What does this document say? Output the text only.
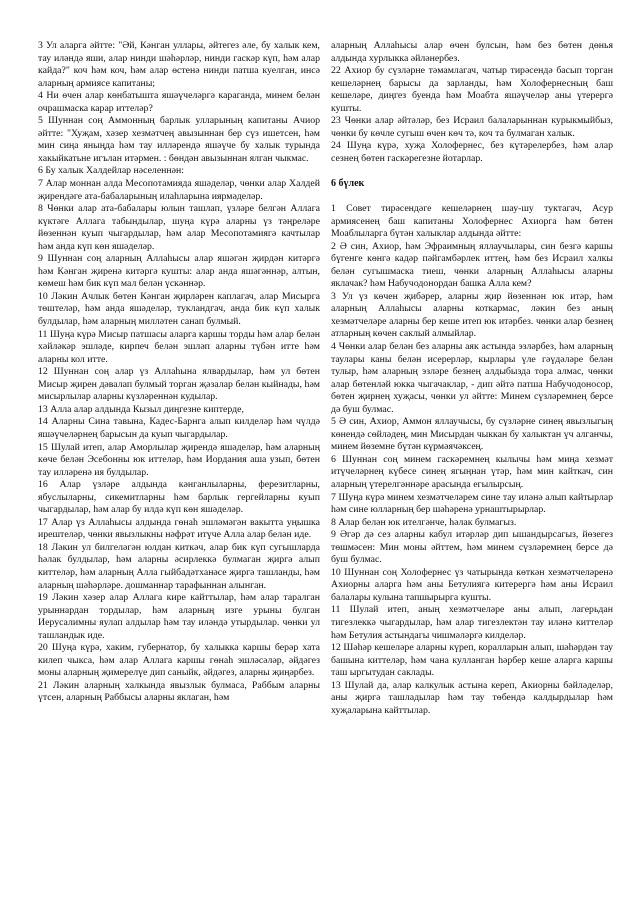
3 Ул аларга әйтте: "Әй, Кәнган уллары, әйтегез әле, бу халык кем, тау иләндә яши, алар нинди шәһәрләр, нинди гаскәр күп, һәм алар кайда?" коч һәм коч, һәм алар өстенә нинди патша куелган, инсә аларның армиясе капитаны;

4 Ни өчен алар көнбатышта яшәүчеләргә карaганда, минем белән очрашмаска карар иттеләр?

5 Шуннан соң Аммонның барлык улларының капитаны Ачиор әйтте: "Хуҗам, хәзер хезмәтчең авызыннан бер сүз ишетсен, һәм мин сиңа яныңда һәм тау илләрендә яшәүче бу халык турында хакыйкатьне игълан итәрмен. : бөндән авызыннан ялган чыкмас.

6 Бу халык Халдейлар нәселеннән:

7 Алар моннан алда Месопотамияда яшәделәр, чөнки алар Халдей җирендәге ата-бабаларының илаһларына иярмәделәр.

8 Чөнки алар ата-бабалары юлын ташлап, үзләре белгән Аллага күктәге Аллага табындылар, шуңа күрә аларны үз тәңреләре йөзеннән куып чыгардылар, һәм алар Месопотамиягә качтылар һәм анда күп көн яшәделәр.

9 Шуннан соң аларның Аллаһысы алар яшәгән җирдән китәргә һәм Кәнган җиренә китәргә кушты: алар анда яшәгәннәр, алтын, көмеш һәм бик күп мал белән үскәннәр.

10 Ләкин Ачлык бөтен Кәнган җирләрен каплагач, алар Мисырга төштеләр, һәм анда яшәделәр, тукландгач, анда бик күп халык булдылар, һәм аларның милләтен санап булмый.

11 Шуңа күрә Мисыр патшасы аларга каршы торды һәм алар белән хәйләкәр эшләде, кирпеч белән эшләп аларны түбән итте һәм аларны кол итте.

12 Шуннан соң алар үз Аллаһына ялвардылар, һәм ул бөтен Мисыр җирен дәвалап булмый торган җәзалар белән кыйнады, һәм мисырлылар аларны күзләреннән кудылар.

13 Алла алар алдында Кызыл диңгезне киптерде,

14 Аларны Сина тавына, Кадес-Барнга алып килделәр һәм чүлдә яшәүчеләрнең барысын да куып чыгардылар.

15 Шулай итеп, алар Аморлылар җирендә яшәделәр, һәм аларның көче белән Эсебонны юк иттеләр, һәм Иордания аша узып, бөтен тау илләренә ия булдылар.

16 Алар үзләре алдында кәнганлыларны, ферезитларны, ябуслыларны, сикемитларны һәм барлык гергейларны куып чыгардылар, һәм алар бу илдә күп көн яшәделәр.

17 Алар үз Аллаһысы алдында гөнаһ эшләмәгән вакытта уңышка ирештеләр, чөнки явызлыкны нәфрәт итүче Алла алар белән иде.

18 Ләкин ул билгеләгән юлдан киткәч, алар бик күп сугышларда һәлак булдылар, һәм аларны әсирлеккә булмаган җиргә алып киттеләр, һәм аларның Алла гыйбадәтханәсе җиргә ташланды, һәм аларның шәһәрләре. дошманнар тарафыннан алынган.

19 Ләкин хәзер алар Аллага кире кайттылар, һәм алар таралган урыннардан тордылар, һәм аларның изге урыны булган Иерусалимны яулап алдылар һәм тау иләндә утырдылар. чөнки ул ташландык иде.

20 Шуңа күрә, хаким, губернатор, бу халыкка каршы берәр хата килеп чыкса, һәм алар Аллага каршы гөнаһ эшләсәләр, әйдәгез моны аларның җимерелүе дип саныйк, әйдәгез, аларны җиңәрбез.

21 Ләкин аларның халкында явызлык булмаса, Раббым аларны үтсен, аларның Раббысы аларны яклаган, һәм

аларның Аллаһысы алар өчен булсын, һәм без бөтен дөнья алдында хурлыкка әйләнербез.

22 Ахиор бу сүзләрне тәмамлагач, чатыр тирәсендә басып торган кешеләрнең барысы да зарланды, һәм Холофернесның баш кешеләре, диңгез буенда һәм Моабта яшәүчеләр аны үтерергә кушты.

23 Чөнки алар әйтәләр, без Исраил балаларыннан курыкмыйбыз, чөнки бу көчле сугыш өчен көч тә, коч та булмаган халык.

24 Шуңа күрә, хуҗа Холофернес, без күтәрелербез, һәм алар сезнең бөтен гаскәрегезне йотарлар.

6 бүлек

1 Совет тирәсендәге кешеләрнең шау-шу туктагач, Асур армиясенең баш капитаны Холофернес Ахиорга һәм бөтен Моаблыларга бүтән халыклар алдында әйтте:

2 Ә син, Ахиор, һәм Эфраимның яллаучылары, син безгә каршы бүгенге көнгә кадәр пәйгамбәрлек иттең, һәм без Исраил халкы белән сугышмаска тиеш, чөнки аларның Аллаһысы аларны яклачак? һәм Набучодонордан башка Алла кем?

3 Ул үз көчен җибәрер, аларны җир йөзеннән юк итәр, һәм аларның Аллаһысы аларны коткармас, ләкин без аның хезмәтчеләре аларны бер кеше итеп юк итәрбез. чөнки алар безнең атларның көчен саклый алмыйлар.

4 Чөнки алар белән без аларны аяк астында эзләрбез, һәм аларның таулары каны белән исерерләр, кырлары үле гәүдәләре белән тулыр, һәм аларның эзләре безнең алдыбызда тора алмас, чөнки алар бөтенләй юкка чыгачаклар, - дип әйтә патша Набучодоносор, бөтен җирнең хуҗасы, чөнки ул әйтте: Минем сүзләремнең берсе дә буш булмас.

5 Ә син, Ахиор, Аммон яллаучысы, бу сүзләрне синең явызлыгың көнендә сөйләдең, мин Мисырдан чыккан бу халыктан үч алганчы, минем йөземне бүтән күрмәячәксең.

6 Шуннан соң минем гаскәремнең кылычы һәм миңа хезмәт итүчеләрнең күбесе синең ягыңнан үтәр, һәм мин кайткач, син аларның үтерелгәннәре арасында егылырсың.

7 Шуңа күрә минем хезмәтчеләрем сине тау иләнә алып кайтырлар һәм сине юлларның бер шәһәренә урнаштырырлар.

8 Алар белән юк ителгәнче, һәлак булмагыз.

9 Әгәр дә сез аларны кабул итәрләр дип ышандырсагыз, йөзегез төшмәсен: Мин моны әйттем, һәм минем сүзләремнең берсе дә буш булмас.

10 Шуннан соң Холофернес үз чатырында көткән хезмәтчеләренә Ахиорны аларга һәм аны Бетулиягә китерергә һәм аны Исраил балалары кулына тапшырырга кушты.

11 Шулай итеп, аның хезмәтчеләре аны алып, лагерьдан тигезлеккә чыгардылар, һәм алар тигезлектән тау иләнә киттеләр һәм Бетулия астындагы чишмәләргә килделәр.

12 Шәһәр кешеләре аларны күреп, коралларын алып, шәһәрдән тау башына киттеләр, һәм чана кулланган һәрбер кеше аларга каршы таш ыргытудан саклады.

13 Шулай да, алар калкулык астына кереп, Акиорны бәйләделәр, аны җиргә ташладылар һәм тау төбендә калдырдылар һәм хуҗаларына кайттылар.
